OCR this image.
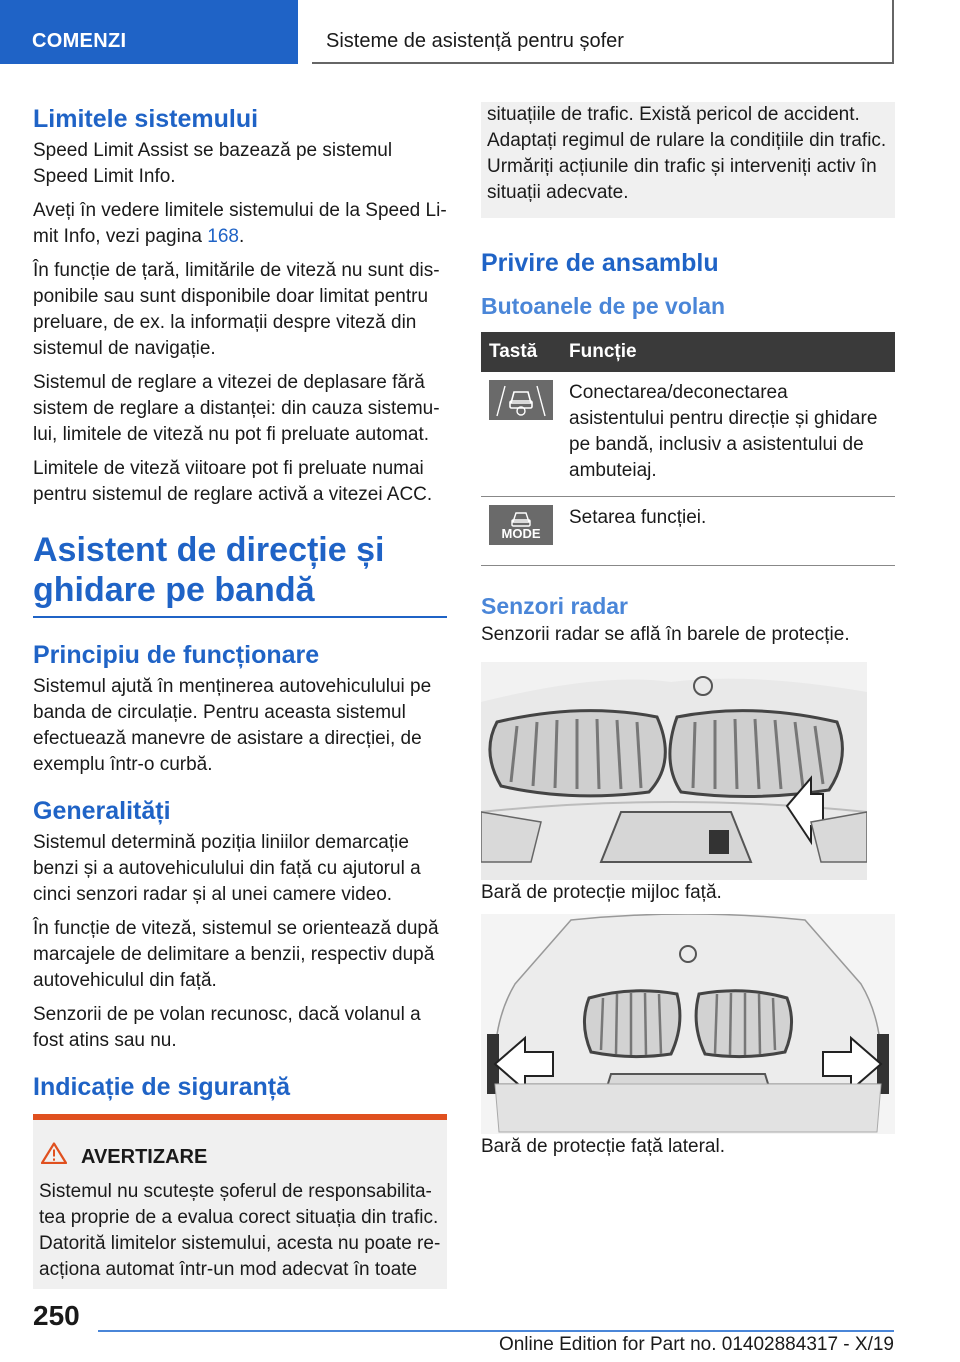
COMENZI	Sisteme de asistență pentru șofer
Limitele sistemului

Speed Limit Assist se bazează pe sistemul Speed Limit Info.

Aveți în vedere limitele sistemului de la Speed Limit Info, vezi pagina 168.

În funcție de țară, limitările de viteză nu sunt disponibile sau sunt disponibile doar limitat pentru preluare, de ex. la informații despre viteză din sistemul de navigație.

Sistemul de reglare a vitezei de deplasare fără sistem de reglare a distanței: din cauza sistemului, limitele de viteză nu pot fi preluate automat.

Limitele de viteză viitoare pot fi preluate numai pentru sistemul de reglare activă a vitezei ACC.

Asistent de direcție și ghidare pe bandă
Principiu de funcționare

Sistemul ajută în menținerea autovehiculului pe banda de circulație. Pentru aceasta sistemul efectuează manevre de asistare a direcției, de exemplu într-o curbă.

Generalități

Sistemul determină poziția liniilor demarcație benzi și a autovehiculului din față cu ajutorul a cinci senzori radar și al unei camere video.

În funcție de viteză, sistemul se orientează după marcajele de delimitare a benzii, respectiv după autovehiculul din față.

Senzorii de pe volan recunosc, dacă volanul a fost atins sau nu.

Indicație de siguranță
AVERTIZARE
Sistemul nu scutește șoferul de responsabilitatea proprie de a evalua corect situația din trafic. Datorită limitelor sistemului, acesta nu poate reacționa automat într-un mod adecvat în toate
situațiile de trafic. Există pericol de accident. Adaptați regimul de rulare la condițiile din trafic. Urmăriți acțiunile din trafic și interveniți activ în situații adecvate.
Privire de ansamblu
Butoanele de pe volan
Tastă	Funcție

	Conectarea/deconectarea asistentului pentru direcție și ghidare pe bandă, inclusiv a asistentului de ambuteiaj.

MODE	Setarea funcției.
Senzori radar

Senzorii radar se află în barele de protecție.

Bară de protecție mijloc față.

Bară de protecție față lateral.

250
Online Edition for Part no. 01402884317 - X/19
